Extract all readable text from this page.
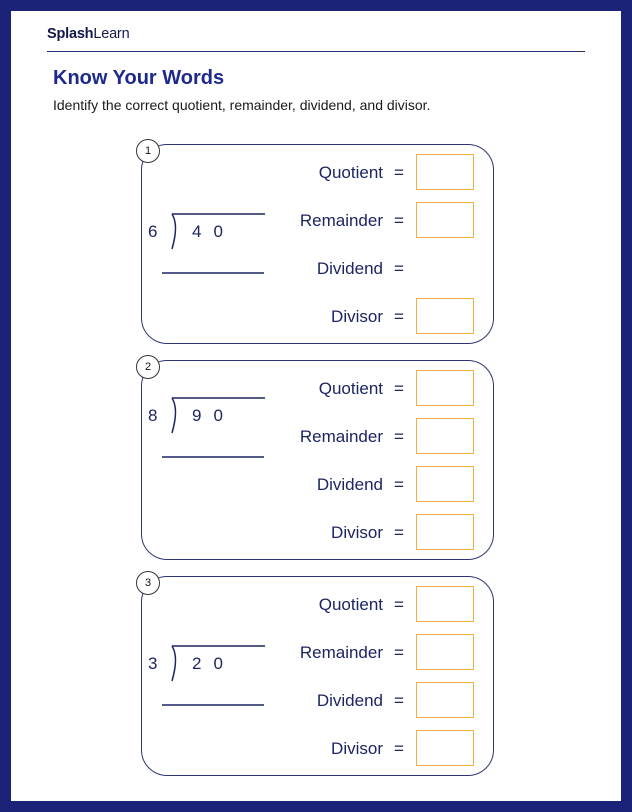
SplashLearn
Know Your Words
Identify the correct quotient, remainder, dividend, and divisor.
1
6 40
Quotient =
Remainder =
Dividend =
Divisor =
2
8 90
Quotient =
Remainder =
Dividend =
Divisor =
3
3 20
Quotient =
Remainder =
Dividend =
Divisor =
